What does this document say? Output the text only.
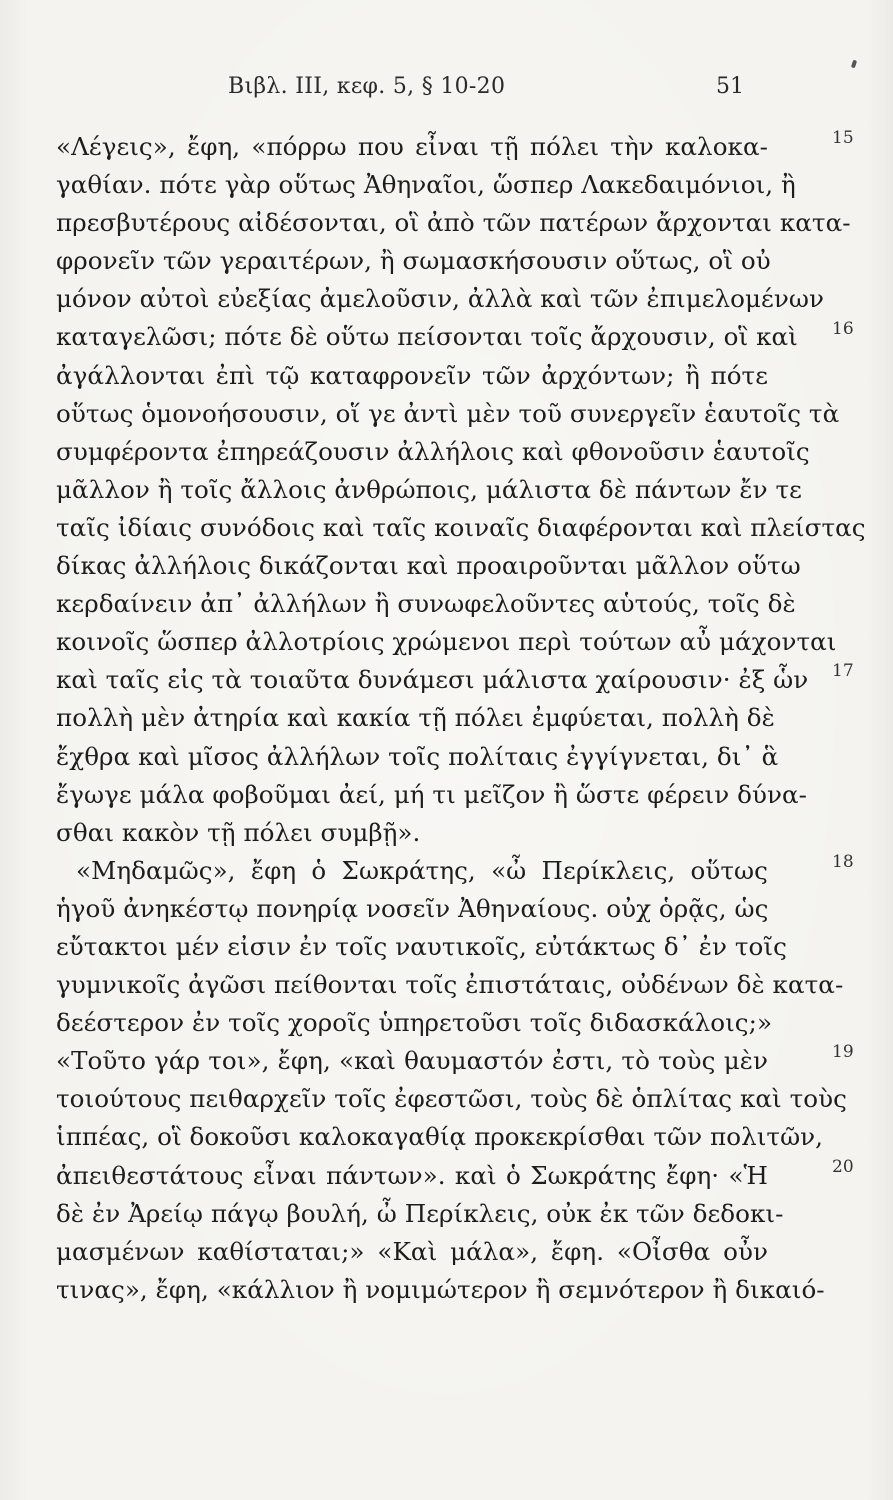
Βιβλ. III, κεφ. 5, § 10-20	51
«Λέγεις», ἔφη, «πόρρω που εἶναι τῇ πόλει τὴν καλοκα-	15
γαθίαν. πότε γὰρ οὕτως Ἀθηναῖοι, ὥσπερ Λακεδαιμόνιοι, ἢ
πρεσβυτέρους αἰδέσονται, οἳ ἀπὸ τῶν πατέρων ἄρχονται κατα-
φρονεῖν τῶν γεραιτέρων, ἢ σωμασκήσουσιν οὕτως, οἳ οὐ
μόνον αὐτοὶ εὐεξίας ἀμελοῦσιν, ἀλλὰ καὶ τῶν ἐπιμελομένων
καταγελῶσι; πότε δὲ οὕτω πείσονται τοῖς ἄρχουσιν, οἳ καὶ 16
ἀγάλλονται ἐπὶ τῷ καταφρονεῖν τῶν ἀρχόντων; ἢ πότε
οὕτως ὁμονοήσουσιν, οἵ γε ἀντὶ μὲν τοῦ συνεργεῖν ἑαυτοῖς τὰ
συμφέροντα ἐπηρεάζουσιν ἀλλήλοις καὶ φθονοῦσιν ἑαυτοῖς
μᾶλλον ἢ τοῖς ἄλλοις ἀνθρώποις, μάλιστα δὲ πάντων ἔν τε
ταῖς ἰδίαις συνόδοις καὶ ταῖς κοιναῖς διαφέρονται καὶ πλείστας
δίκας ἀλλήλοις δικάζονται καὶ προαιροῦνται μᾶλλον οὕτω
κερδαίνειν ἀπ᾽ ἀλλήλων ἢ συνωφελοῦντες αὑτούς, τοῖς δὲ
κοινοῖς ὥσπερ ἀλλοτρίοις χρώμενοι περὶ τούτων αὖ μάχονται
καὶ ταῖς εἰς τὰ τοιαῦτα δυνάμεσι μάλιστα χαίρουσιν· ἐξ ὧν 17
πολλὴ μὲν ἀτηρία καὶ κακία τῇ πόλει ἐμφύεται, πολλὴ δὲ
ἔχθρα καὶ μῖσος ἀλλήλων τοῖς πολίταις ἐγγίγνεται, δι᾽ ἃ
ἔγωγε μάλα φοβοῦμαι ἀεί, μή τι μεῖζον ἢ ὥστε φέρειν δύνα-
σθαι κακὸν τῇ πόλει συμβῇ».
«Μηδαμῶς», ἔφη ὁ Σωκράτης, «ὦ Περίκλεις, οὕτως	18
ἡγοῦ ἀνηκέστῳ πονηρίᾳ νοσεῖν Ἀθηναίους. οὐχ ὁρᾷς, ὡς
εὔτακτοι μέν εἰσιν ἐν τοῖς ναυτικοῖς, εὐτάκτως δ᾽ ἐν τοῖς
γυμνικοῖς ἀγῶσι πείθονται τοῖς ἐπιστάταις, οὐδένων δὲ κατα-
δεέστερον ἐν τοῖς χοροῖς ὑπηρετοῦσι τοῖς διδασκάλοις;»
«Τοῦτο γάρ τοι», ἔφη, «καὶ θαυμαστόν ἐστι, τὸ τοὺς μὲν	19
τοιούτους πειθαρχεῖν τοῖς ἐφεστῶσι, τοὺς δὲ ὁπλίτας καὶ τοὺς
ἱππέας, οἳ δοκοῦσι καλοκαγαθίᾳ προκεκρίσθαι τῶν πολιτῶν,
ἀπειθεστάτους εἶναι πάντων». καὶ ὁ Σωκράτης ἔφη· «Ἡ	20
δὲ ἐν Ἀρείῳ πάγῳ βουλή, ὦ Περίκλεις, οὐκ ἐκ τῶν δεδοκι-
μασμένων καθίσταται;» «Καὶ μάλα», ἔφη. «Οἶσθα οὖν
τινας», ἔφη, «κάλλιον ἢ νομιμώτερον ἢ σεμνότερον ἢ δικαιό-
